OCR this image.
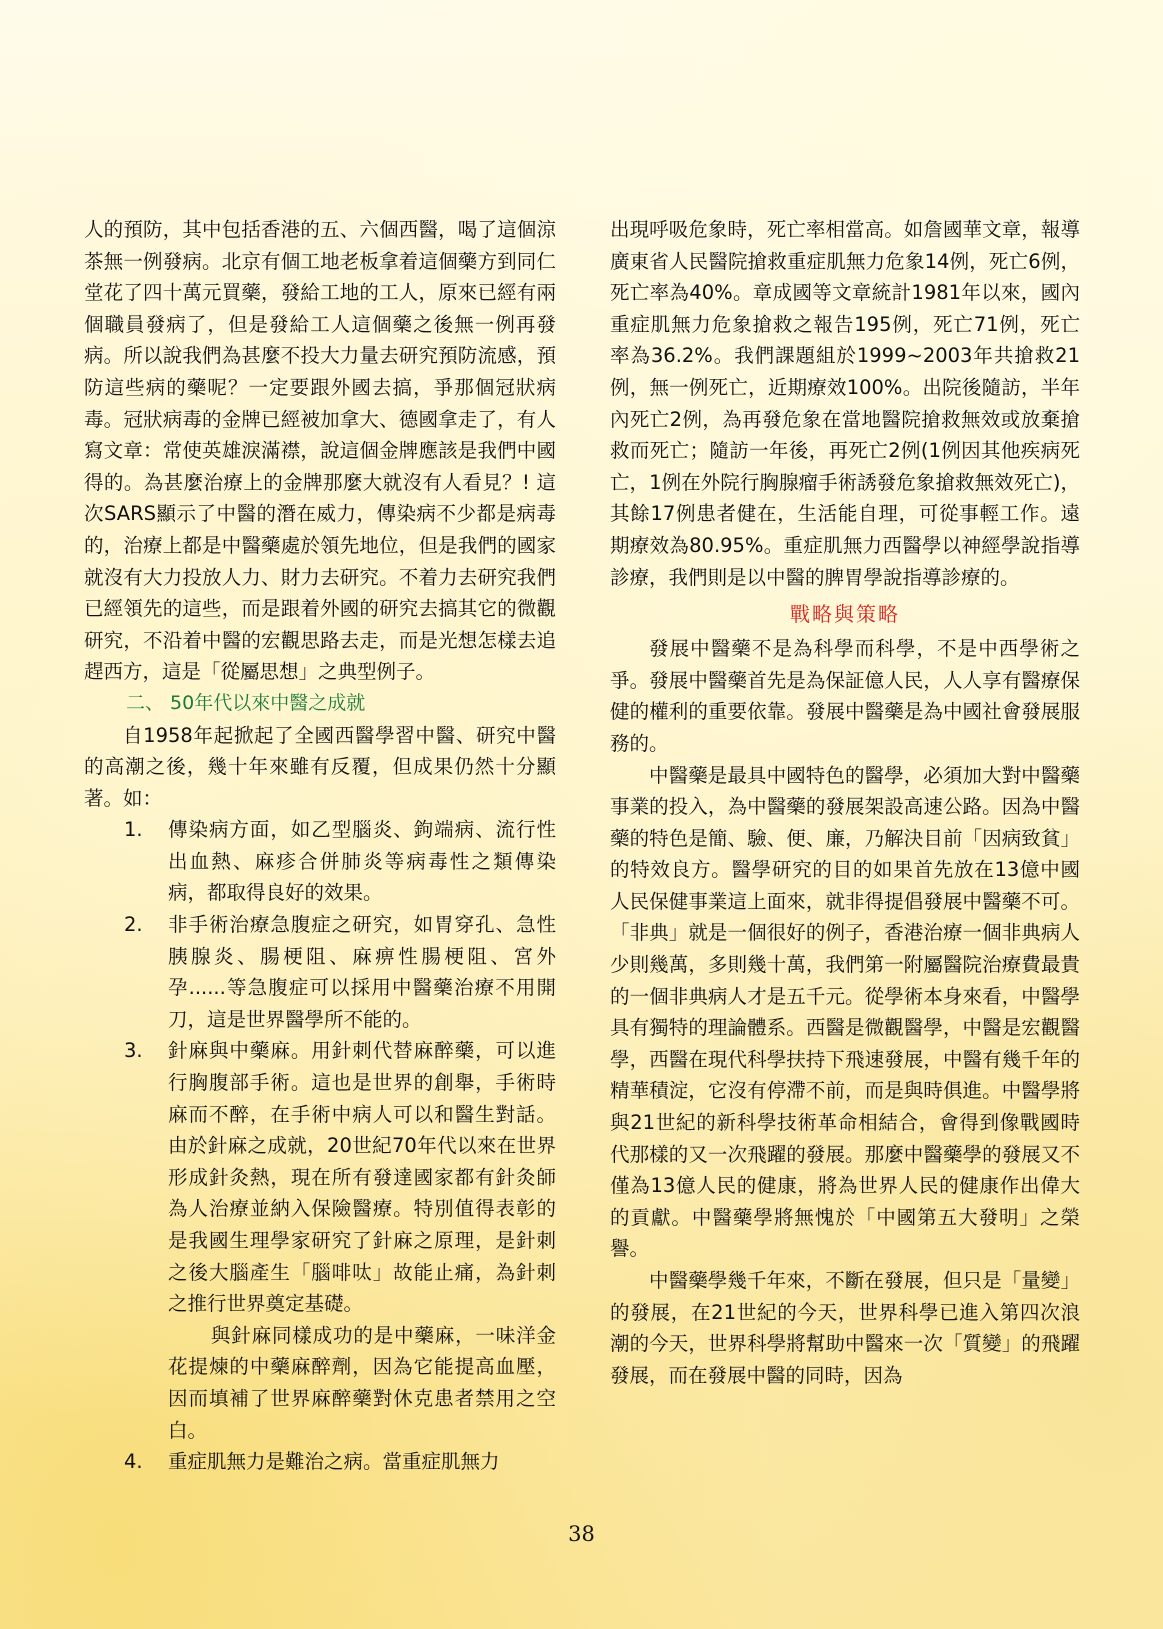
人的預防，其中包括香港的五、六個西醫，喝了這個涼茶無一例發病。北京有個工地老板拿着這個藥方到同仁堂花了四十萬元買藥，發給工地的工人，原來已經有兩個職員發病了，但是發給工人這個藥之後無一例再發病。所以說我們為甚麼不投大力量去研究預防流感，預防這些病的藥呢？一定要跟外國去搞，爭那個冠狀病毒。冠狀病毒的金牌已經被加拿大、德國拿走了，有人寫文章：常使英雄淚滿襟，說這個金牌應該是我們中國得的。為甚麼治療上的金牌那麼大就沒有人看見？! 這次SARS顯示了中醫的潛在威力，傳染病不少都是病毒的，治療上都是中醫藥處於領先地位，但是我們的國家就沒有大力投放人力、財力去研究。不着力去研究我們已經領先的這些，而是跟着外國的研究去搞其它的微觀研究，不沿着中醫的宏觀思路去走，而是光想怎樣去追趕西方，這是「從屬思想」之典型例子。

二、 50年代以來中醫之成就

自1958年起掀起了全國西醫學習中醫、研究中醫的高潮之後，幾十年來雖有反覆，但成果仍然十分顯著。如：

1.	傳染病方面，如乙型腦炎、鉤端病、流行性出血熱、麻疹合併肺炎等病毒性之類傳染病，都取得良好的效果。
2.	非手術治療急腹症之研究，如胃穿孔、急性胰腺炎、腸梗阻、麻痹性腸梗阻、宮外孕......等急腹症可以採用中醫藥治療不用開刀，這是世界醫學所不能的。
3.	針麻與中藥麻。用針刺代替麻醉藥，可以進行胸腹部手術。這也是世界的創舉，手術時麻而不醉，在手術中病人可以和醫生對話。由於針麻之成就，20世紀70年代以來在世界形成針灸熱，現在所有發達國家都有針灸師為人治療並納入保險醫療。特別值得表彰的是我國生理學家研究了針麻之原理，是針刺之後大腦產生「腦啡呔」故能止痛，為針刺之推行世界奠定基礎。

與針麻同樣成功的是中藥麻，一味洋金花提煉的中藥麻醉劑，因為它能提高血壓，因而填補了世界麻醉藥對休克患者禁用之空白。

4.	重症肌無力是難治之病。當重症肌無力

出現呼吸危象時，死亡率相當高。如詹國華文章，報導廣東省人民醫院搶救重症肌無力危象14例，死亡6例，死亡率為40%。章成國等文章統計1981年以來，國內重症肌無力危象搶救之報告195例，死亡71例，死亡率為36.2%。我們課題組於1999~2003年共搶救21例，無一例死亡，近期療效100%。出院後隨訪，半年內死亡2例，為再發危象在當地醫院搶救無效或放棄搶救而死亡；隨訪一年後，再死亡2例(1例因其他疾病死亡，1例在外院行胸腺瘤手術誘發危象搶救無效死亡)，其餘17例患者健在，生活能自理，可從事輕工作。遠期療效為80.95%。重症肌無力西醫學以神經學說指導診療，我們則是以中醫的脾胃學說指導診療的。

戰略與策略

發展中醫藥不是為科學而科學，不是中西學術之爭。發展中醫藥首先是為保証億人民，人人享有醫療保健的權利的重要依靠。發展中醫藥是為中國社會發展服務的。

中醫藥是最具中國特色的醫學，必須加大對中醫藥事業的投入，為中醫藥的發展架設高速公路。因為中醫藥的特色是簡、驗、便、廉，乃解決目前「因病致貧」的特效良方。醫學研究的目的如果首先放在13億中國人民保健事業這上面來，就非得提倡發展中醫藥不可。「非典」就是一個很好的例子，香港治療一個非典病人少則幾萬，多則幾十萬，我們第一附屬醫院治療費最貴的一個非典病人才是五千元。從學術本身來看，中醫學具有獨特的理論體系。西醫是微觀醫學，中醫是宏觀醫學，西醫在現代科學扶持下飛速發展，中醫有幾千年的精華積淀，它沒有停滯不前，而是與時俱進。中醫學將與21世紀的新科學技術革命相結合，會得到像戰國時代那樣的又一次飛躍的發展。那麼中醫藥學的發展又不僅為13億人民的健康，將為世界人民的健康作出偉大的貢獻。中醫藥學將無愧於「中國第五大發明」之榮譽。

中醫藥學幾千年來，不斷在發展，但只是「量變」的發展，在21世紀的今天，世界科學已進入第四次浪潮的今天，世界科學將幫助中醫來一次「質變」的飛躍發展，而在發展中醫的同時，因為

38
